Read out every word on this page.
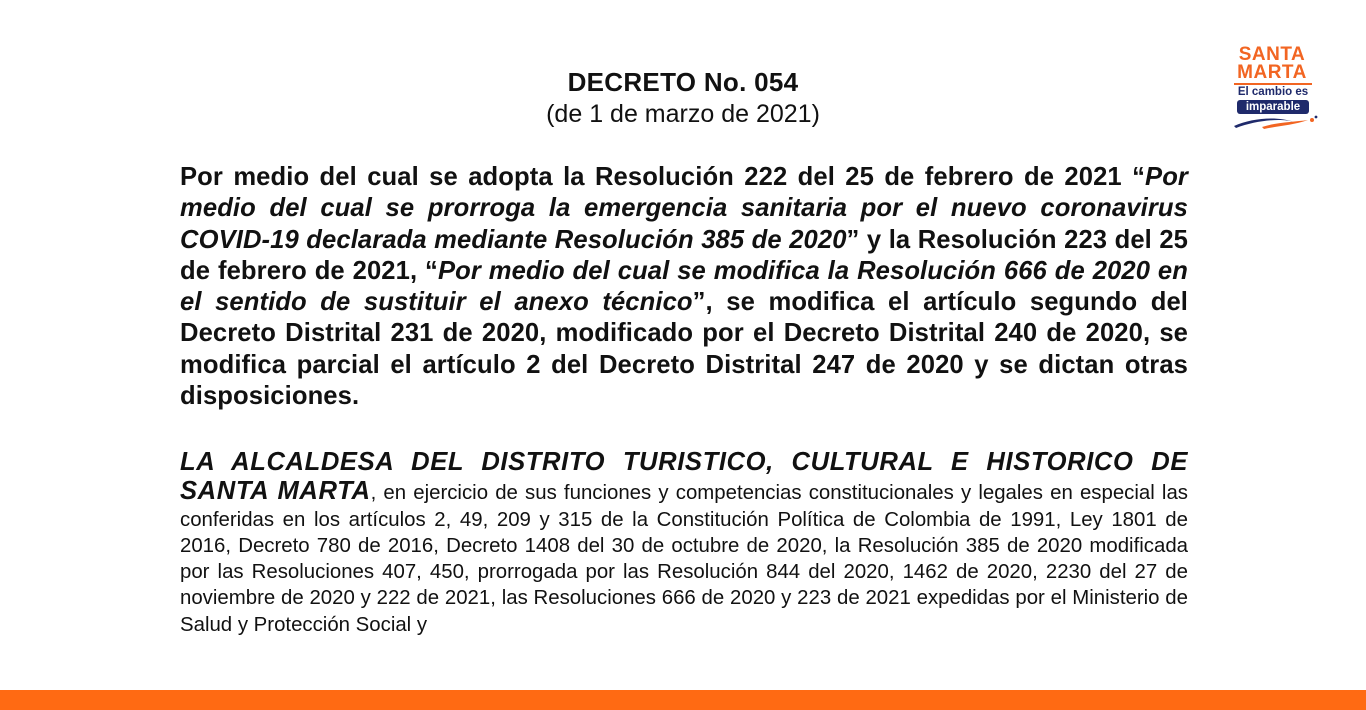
DECRETO No. 054
(de 1 de marzo de 2021)
Por medio del cual se adopta la Resolución 222 del 25 de febrero de 2021 “Por medio del cual se prorroga la emergencia sanitaria por el nuevo coronavirus COVID-19 declarada mediante Resolución 385 de 2020” y la Resolución 223 del 25 de febrero de 2021, “Por medio del cual se modifica la Resolución 666 de 2020 en el sentido de sustituir el anexo técnico”, se modifica el artículo segundo del Decreto Distrital 231 de 2020, modificado por el Decreto Distrital 240 de 2020, se modifica parcial el artículo 2 del Decreto Distrital 247 de 2020 y se dictan otras disposiciones.
LA ALCALDESA DEL DISTRITO TURISTICO, CULTURAL E HISTORICO DE SANTA MARTA, en ejercicio de sus funciones y competencias constitucionales y legales en especial las conferidas en los artículos 2, 49, 209 y 315 de la Constitución Política de Colombia de 1991, Ley 1801 de 2016, Decreto 780 de 2016, Decreto 1408 del 30 de octubre de 2020, la Resolución 385 de 2020 modificada por las Resoluciones 407, 450, prorrogada por las Resolución 844 del 2020, 1462 de 2020, 2230 del 27 de noviembre de 2020 y 222 de 2021, las Resoluciones 666 de 2020 y 223 de 2021 expedidas por el Ministerio de Salud y Protección Social y
SANTA
MARTA
El cambio es
imparable
